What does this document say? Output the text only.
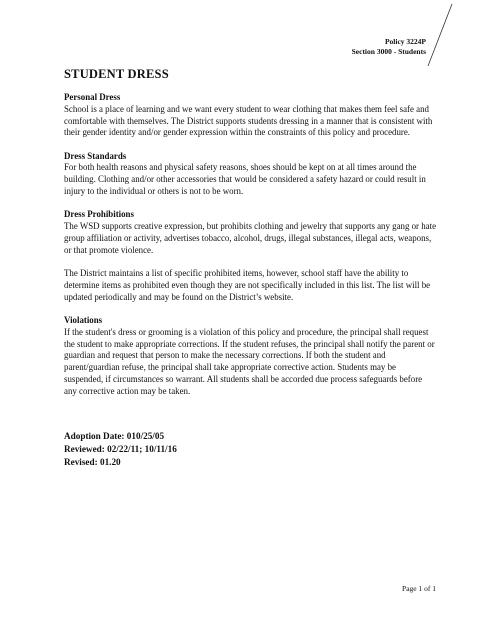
Policy 3224P
Section 3000 - Students
STUDENT DRESS

Personal Dress

School is a place of learning and we want every student to wear clothing that makes them feel safe and comfortable with themselves. The District supports students dressing in a manner that is consistent with their gender identity and/or gender expression within the constraints of this policy and procedure.

Dress Standards

For both health reasons and physical safety reasons, shoes should be kept on at all times around the building. Clothing and/or other accessories that would be considered a safety hazard or could result in injury to the individual or others is not to be worn.

Dress Prohibitions

The WSD supports creative expression, but prohibits clothing and jewelry that supports any gang or hate group affiliation or activity, advertises tobacco, alcohol, drugs, illegal substances, illegal acts, weapons, or that promote violence.

The District maintains a list of specific prohibited items, however, school staff have the ability to determine items as prohibited even though they are not specifically included in this list. The list will be updated periodically and may be found on the District’s website.

Violations

If the student's dress or grooming is a violation of this policy and procedure, the principal shall request the student to make appropriate corrections. If the student refuses, the principal shall notify the parent or guardian and request that person to make the necessary corrections. If both the student and parent/guardian refuse, the principal shall take appropriate corrective action. Students may be suspended, if circumstances so warrant. All students shall be accorded due process safeguards before any corrective action may be taken.

Adoption Date: 010/25/05
Reviewed: 02/22/11; 10/11/16
Revised: 01.20
Page 1 of 1
